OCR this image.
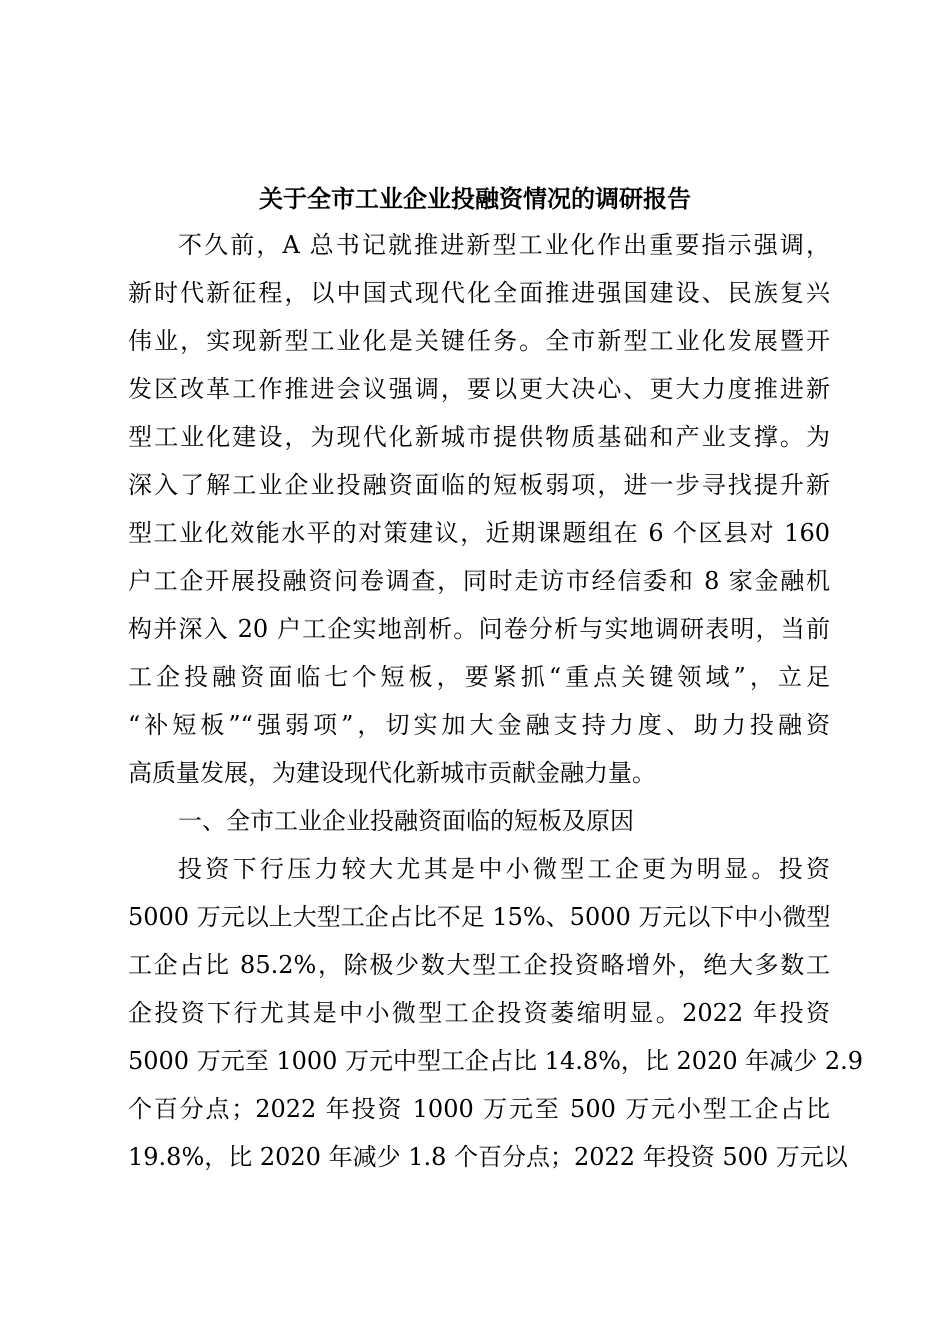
关于全市工业企业投融资情况的调研报告
不久前，A 总书记就推进新型工业化作出重要指示强调，
新时代新征程，以中国式现代化全面推进强国建设、民族复兴
伟业，实现新型工业化是关键任务。全市新型工业化发展暨开
发区改革工作推进会议强调，要以更大决心、更大力度推进新
型工业化建设，为现代化新城市提供物质基础和产业支撑。为
深入了解工业企业投融资面临的短板弱项，进一步寻找提升新
型工业化效能水平的对策建议，近期课题组在 6 个区县对 160
户工企开展投融资问卷调查，同时走访市经信委和 8 家金融机
构并深入 20 户工企实地剖析。问卷分析与实地调研表明，当前
工企投融资面临七个短板，要紧抓“重点关键领域”，立足
“补短板”“强弱项”，切实加大金融支持力度、助力投融资
高质量发展，为建设现代化新城市贡献金融力量。
一、全市工业企业投融资面临的短板及原因
投资下行压力较大尤其是中小微型工企更为明显。投资
5000 万元以上大型工企占比不足 15%、5000 万元以下中小微型
工企占比 85.2%，除极少数大型工企投资略增外，绝大多数工
企投资下行尤其是中小微型工企投资萎缩明显。2022 年投资
5000 万元至 1000 万元中型工企占比 14.8%，比 2020 年减少 2.9
个百分点；2022 年投资 1000 万元至 500 万元小型工企占比
19.8%，比 2020 年减少 1.8 个百分点；2022 年投资 500 万元以
